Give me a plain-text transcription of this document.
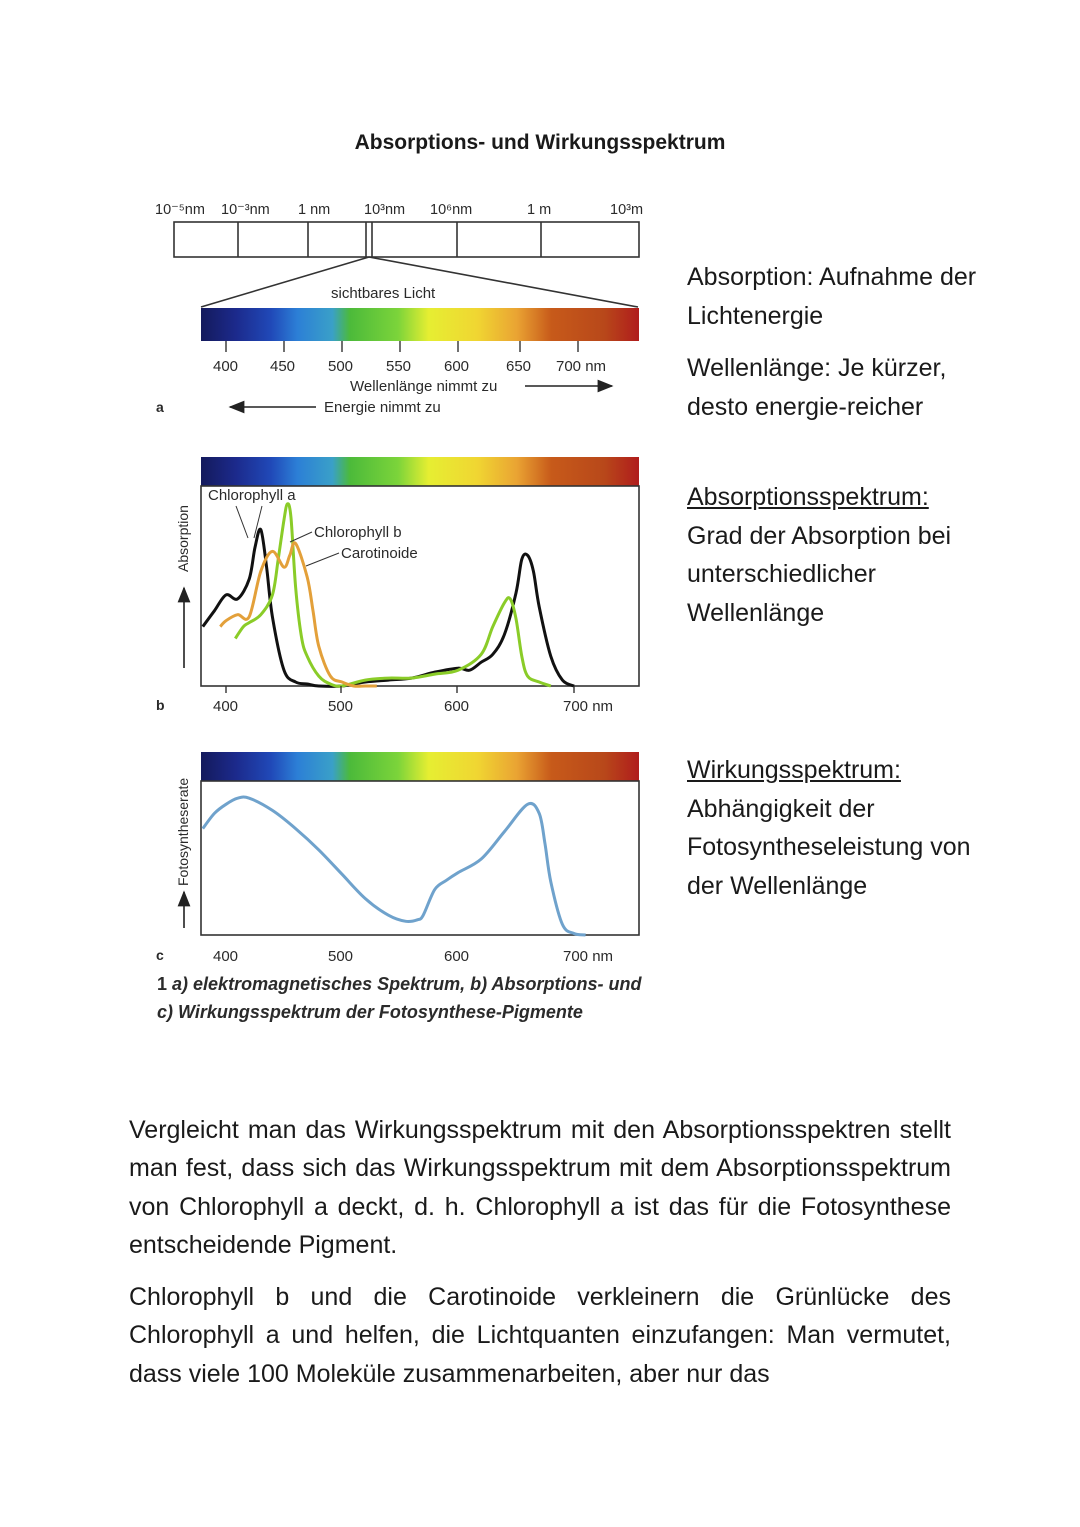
Absorptions- und Wirkungsspektrum
10⁻⁵nm 10⁻³nm 1 nm 10³nm 10⁶nm	1 m	10³m
sichtbares Licht
400 450 500 550 600 650 700 nm
Wellenlänge nimmt zu
Energie nimmt zu
a
Chlorophyll a
Chlorophyll b
Carotinoide
Absorption
400	500	600	700 nm
b
Fotosyntheserate
400	500	600	700 nm
c
1 a) elektromagnetisches Spektrum, b) Absorptions- und
c) Wirkungsspektrum der Fotosynthese-Pigmente

Absorption: Aufnahme der Lichtenergie

Wellenlänge: Je kürzer, desto energie-reicher

Absorptionsspektrum:

Grad der Absorption bei unterschiedlicher Wellenlänge

Wirkungsspektrum:

Abhängigkeit der Fotosyntheseleistung von der Wellenlänge

Vergleicht man das Wirkungsspektrum mit den Absorptionsspektren stellt man fest, dass sich das Wirkungsspektrum mit dem Absorptionsspektrum von Chlorophyll a deckt, d. h. Chlorophyll a ist das für die Fotosynthese entscheidende Pigment.

Chlorophyll b und die Carotinoide verkleinern die Grünlücke des Chlorophyll a und helfen, die Lichtquanten einzufangen: Man vermutet, dass viele 100 Moleküle zusammenarbeiten, aber nur das
